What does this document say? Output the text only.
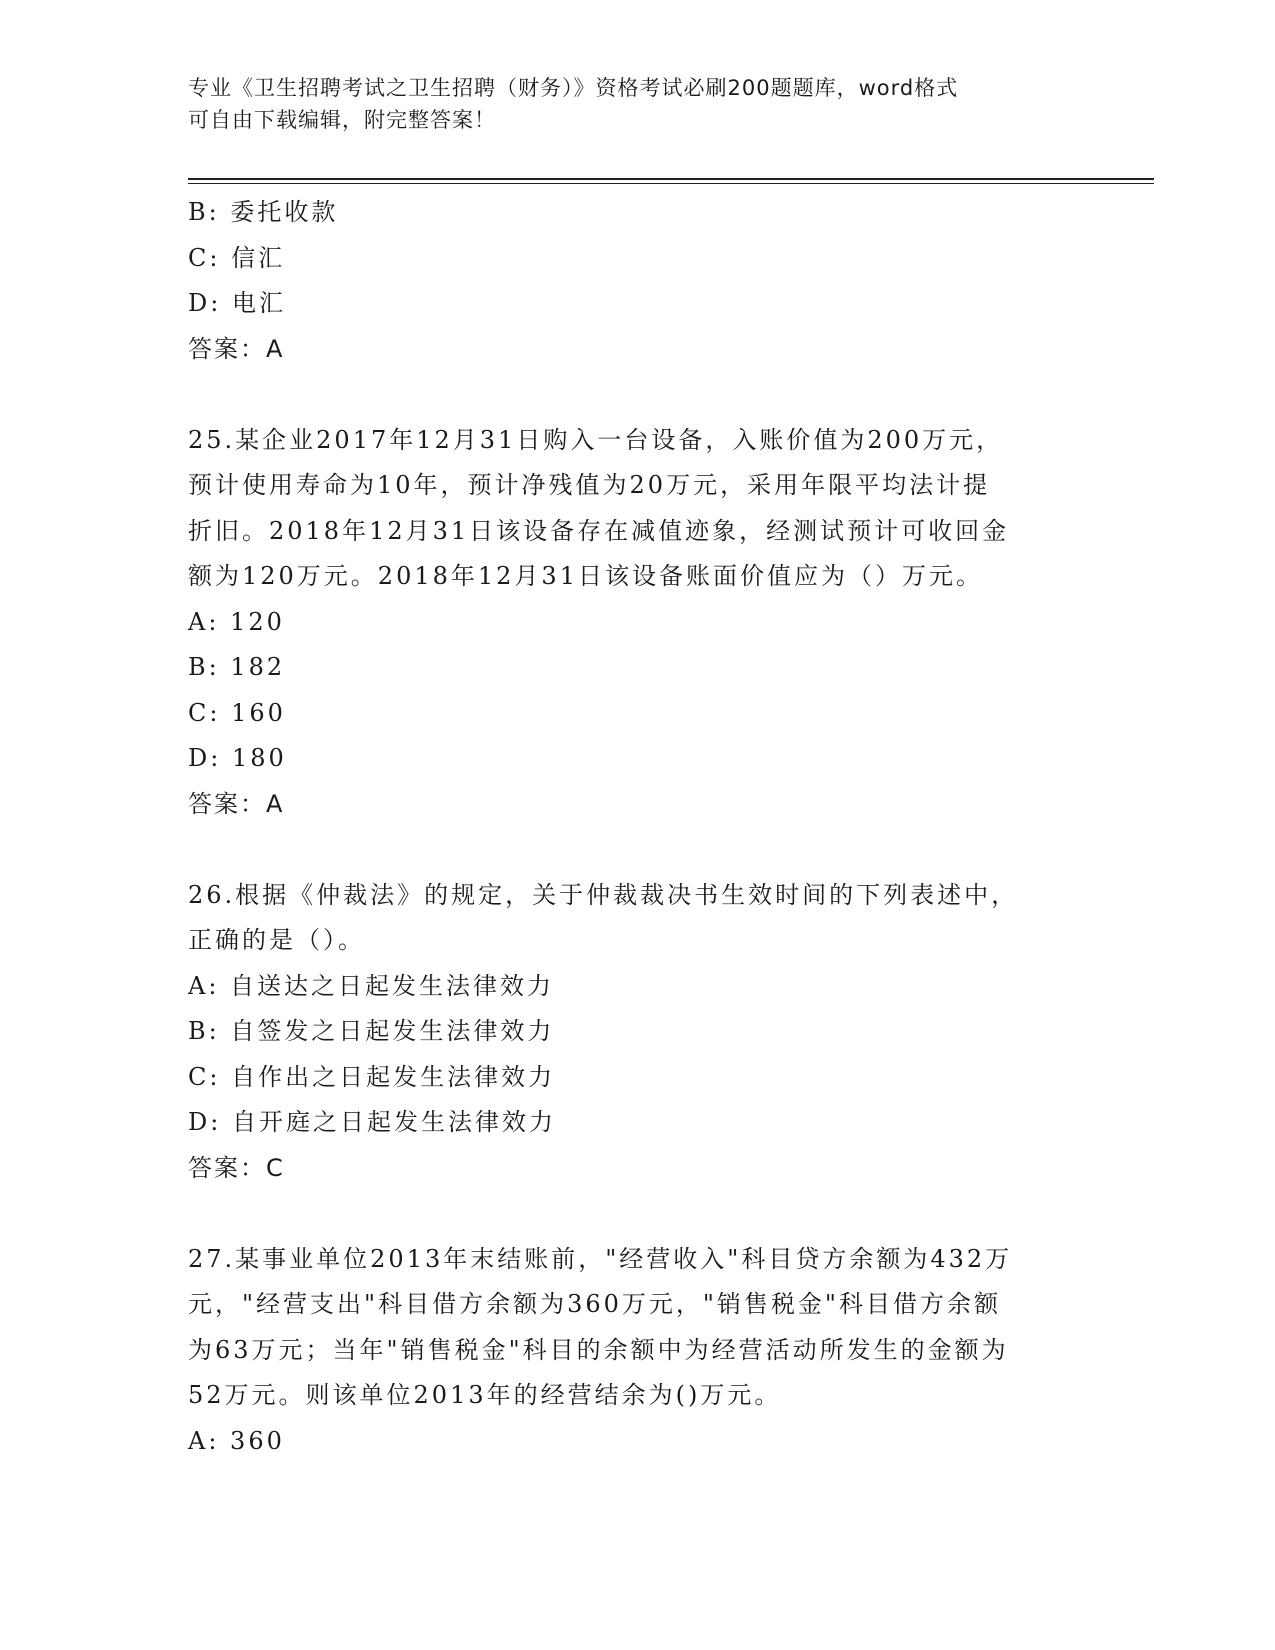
专业《卫生招聘考试之卫生招聘（财务）》资格考试必刷200题题库，word格式
可自由下载编辑，附完整答案！
B: 委托收款
C: 信汇
D: 电汇
答案：A
25.某企业2017年12月31日购入一台设备，入账价值为200万元，
预计使用寿命为10年，预计净残值为20万元，采用年限平均法计提
折旧。2018年12月31日该设备存在减值迹象，经测试预计可收回金
额为120万元。2018年12月31日该设备账面价值应为（）万元。
A: 120
B: 182
C: 160
D: 180
答案：A
26.根据《仲裁法》的规定，关于仲裁裁决书生效时间的下列表述中，
正确的是（）。
A: 自送达之日起发生法律效力
B: 自签发之日起发生法律效力
C: 自作出之日起发生法律效力
D: 自开庭之日起发生法律效力
答案：C
27.某事业单位2013年末结账前，"经营收入"科目贷方余额为432万
元，"经营支出"科目借方余额为360万元，"销售税金"科目借方余额
为63万元；当年"销售税金"科目的余额中为经营活动所发生的金额为
52万元。则该单位2013年的经营结余为()万元。
A: 360
